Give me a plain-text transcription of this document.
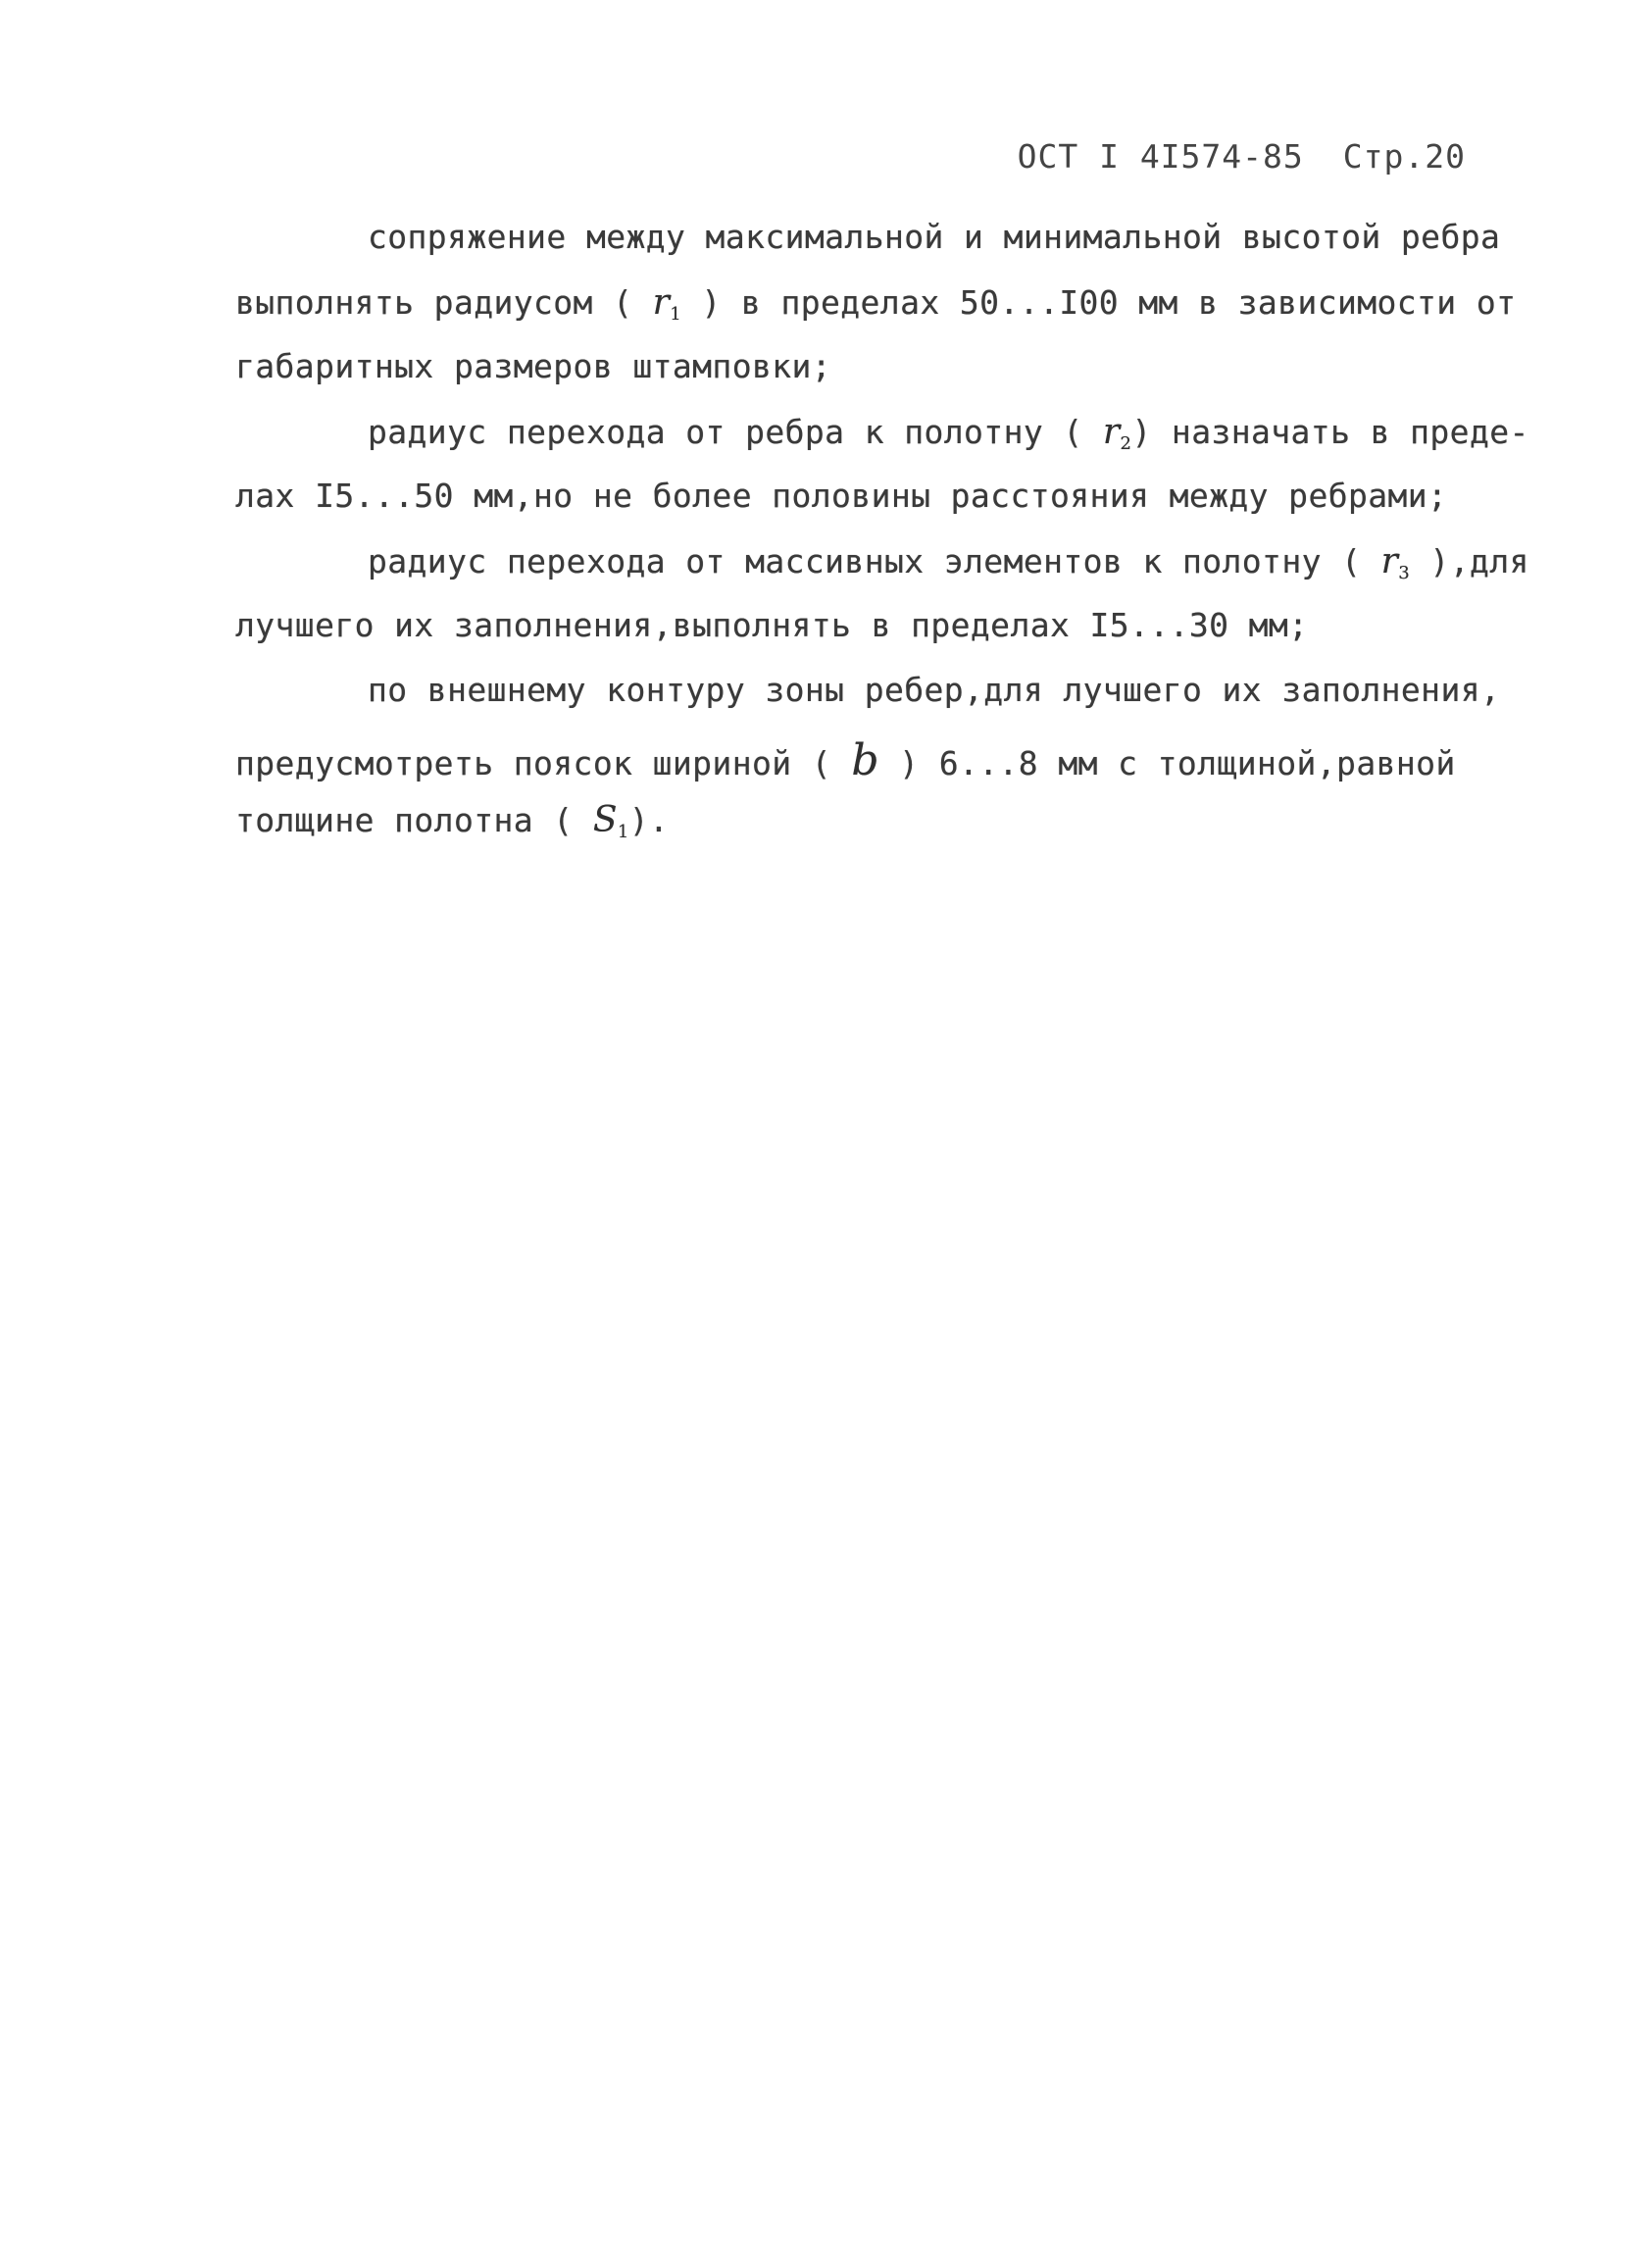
ОСТ I 4I574-85 Стр.20
сопряжение между максимальной и минимальной высотой ребра
выполнять радиусом ( $r_1$ ) в пределах 50...I00 мм в зависимости от
габаритных размеров штамповки;
радиус перехода от ребра к полотну ( $r_2$) назначать в преде-
лах I5...50 мм,но не более половины расстояния между ребрами;
радиус перехода от массивных элементов к полотну ( $r_3$ ),для
лучшего их заполнения,выполнять в пределах I5...30 мм;
по внешнему контуру зоны ребер,для лучшего их заполнения,
предусмотреть поясок шириной ( b ) 6...8 мм с толщиной,равной
толщине полотна ( $S_1$).
